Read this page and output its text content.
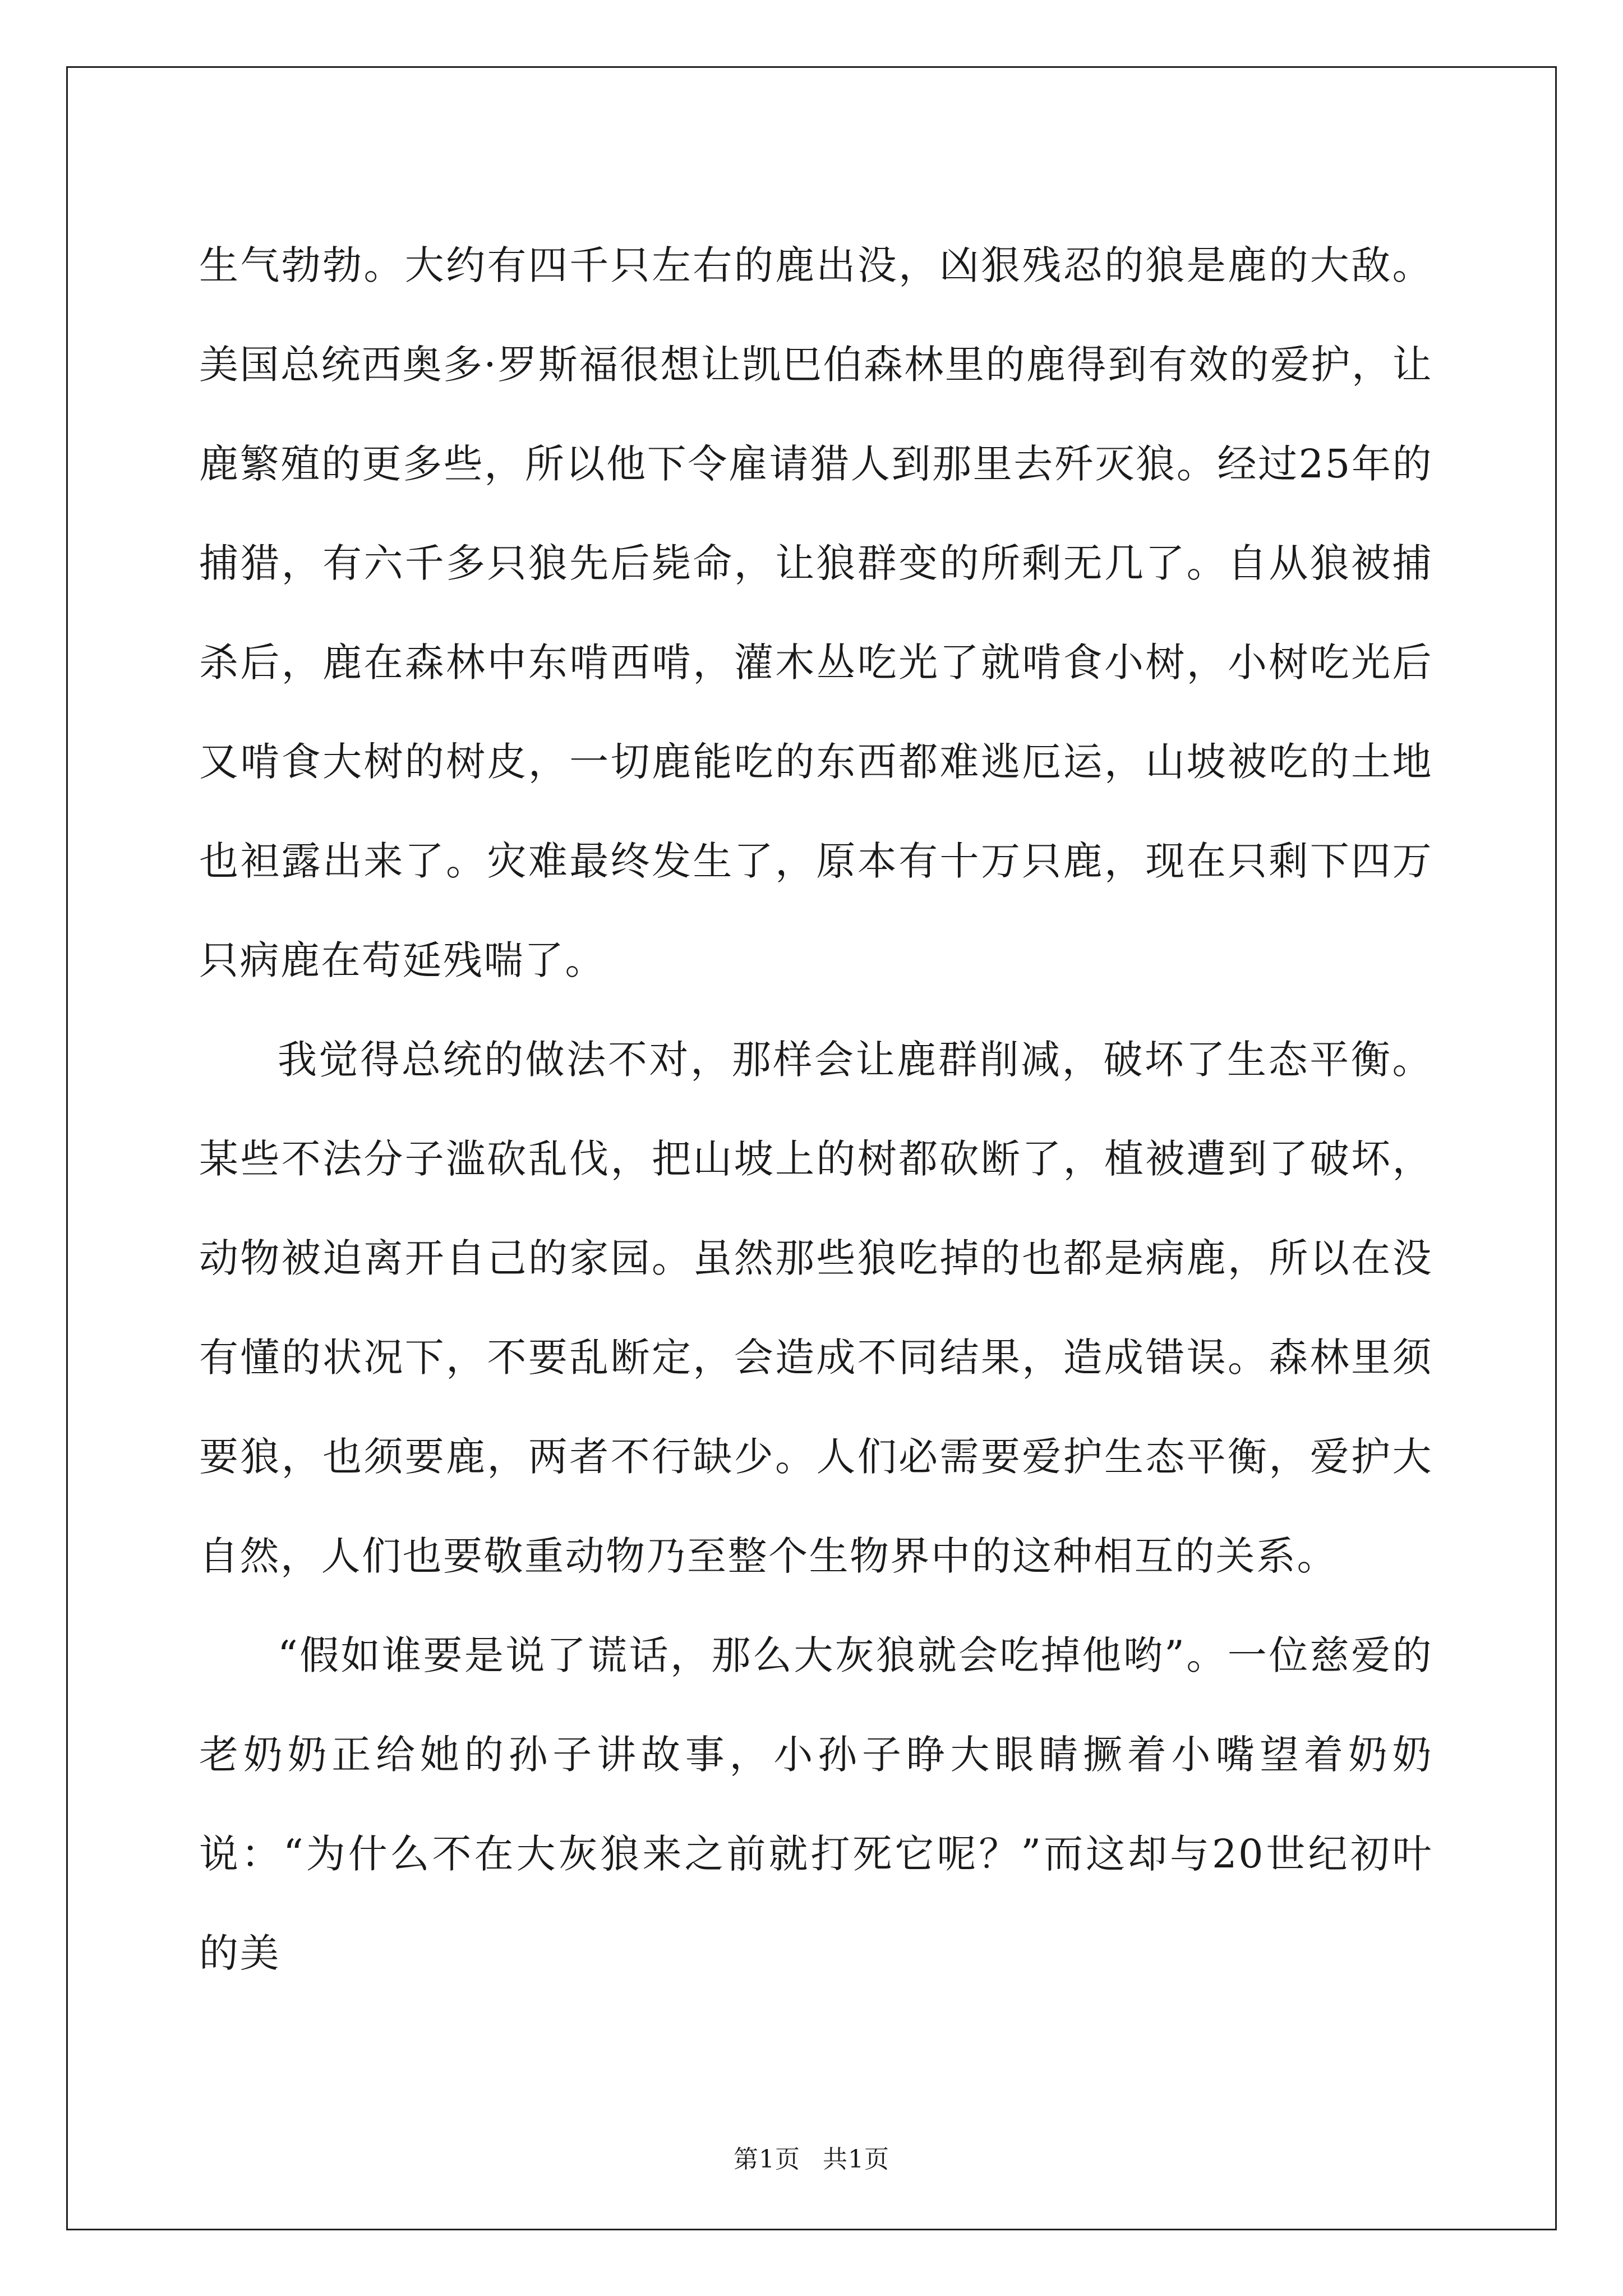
生气勃勃。大约有四千只左右的鹿出没，凶狠残忍的狼是鹿的大敌。美国总统西奥多·罗斯福很想让凯巴伯森林里的鹿得到有效的爱护，让鹿繁殖的更多些，所以他下令雇请猎人到那里去歼灭狼。经过25年的捕猎，有六千多只狼先后毙命，让狼群变的所剩无几了。自从狼被捕杀后，鹿在森林中东啃西啃，灌木丛吃光了就啃食小树，小树吃光后又啃食大树的树皮，一切鹿能吃的东西都难逃厄运，山坡被吃的土地也袒露出来了。灾难最终发生了，原本有十万只鹿，现在只剩下四万只病鹿在苟延残喘了。

我觉得总统的做法不对，那样会让鹿群削减，破坏了生态平衡。某些不法分子滥砍乱伐，把山坡上的树都砍断了，植被遭到了破坏，动物被迫离开自己的家园。虽然那些狼吃掉的也都是病鹿，所以在没有懂的状况下，不要乱断定，会造成不同结果，造成错误。森林里须要狼，也须要鹿，两者不行缺少。人们必需要爱护生态平衡，爱护大自然，人们也要敬重动物乃至整个生物界中的这种相互的关系。

“假如谁要是说了谎话，那么大灰狼就会吃掉他哟”。一位慈爱的老奶奶正给她的孙子讲故事，小孙子睁大眼睛撅着小嘴望着奶奶说：“为什么不在大灰狼来之前就打死它呢？”而这却与20世纪初叶的美

第1页 共1页
